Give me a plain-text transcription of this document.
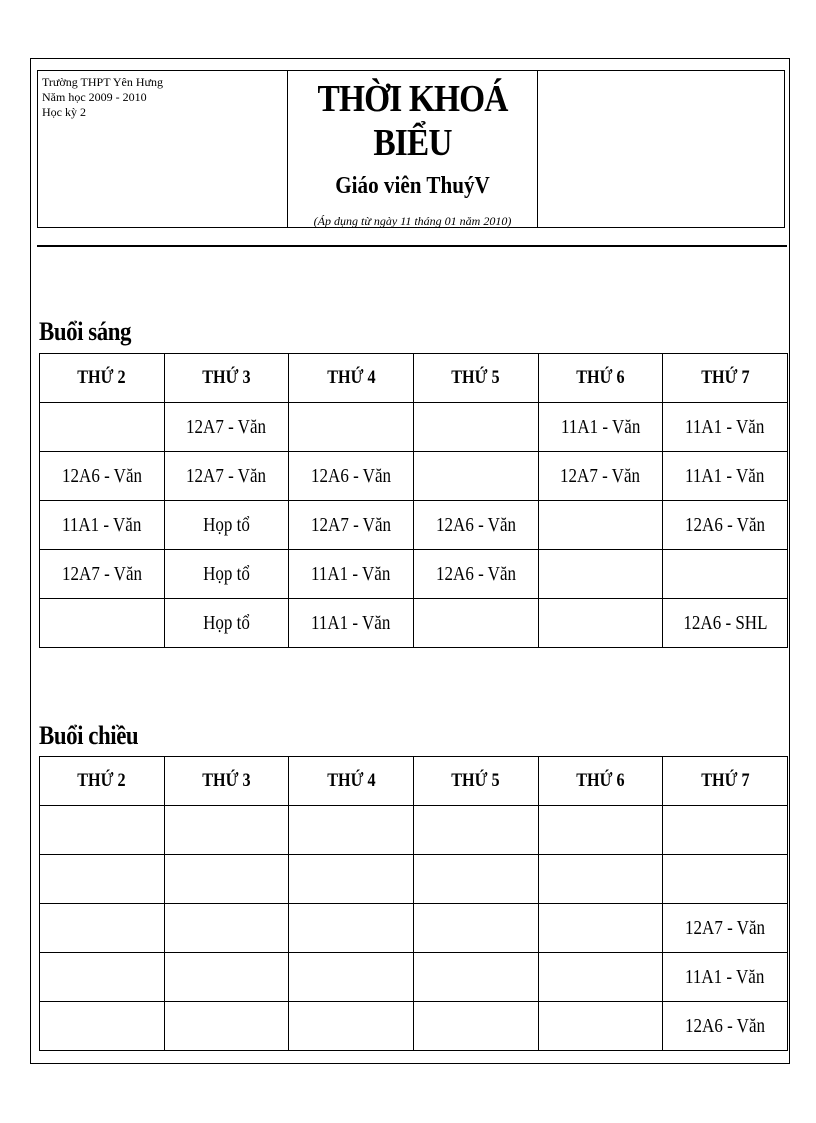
Trường THPT Yên Hưng
Năm học 2009 - 2010
Học kỳ 2	THỜI KHOÁ BIỂU
Giáo viên ThuýV
(Áp dụng từ ngày 11 tháng 01 năm 2010)
Buổi sáng
THỨ 2	THỨ 3	THỨ 4	THỨ 5	THỨ 6	THỨ 7
	12A7 - Văn			11A1 - Văn	11A1 - Văn
12A6 - Văn	12A7 - Văn	12A6 - Văn		12A7 - Văn	11A1 - Văn
11A1 - Văn	Họp tổ	12A7 - Văn	12A6 - Văn		12A6 - Văn
12A7 - Văn	Họp tổ	11A1 - Văn	12A6 - Văn		
	Họp tổ	11A1 - Văn			12A6 - SHL
Buổi chiều
THỨ 2	THỨ 3	THỨ 4	THỨ 5	THỨ 6	THỨ 7

					12A7 - Văn
					11A1 - Văn
					12A6 - Văn
